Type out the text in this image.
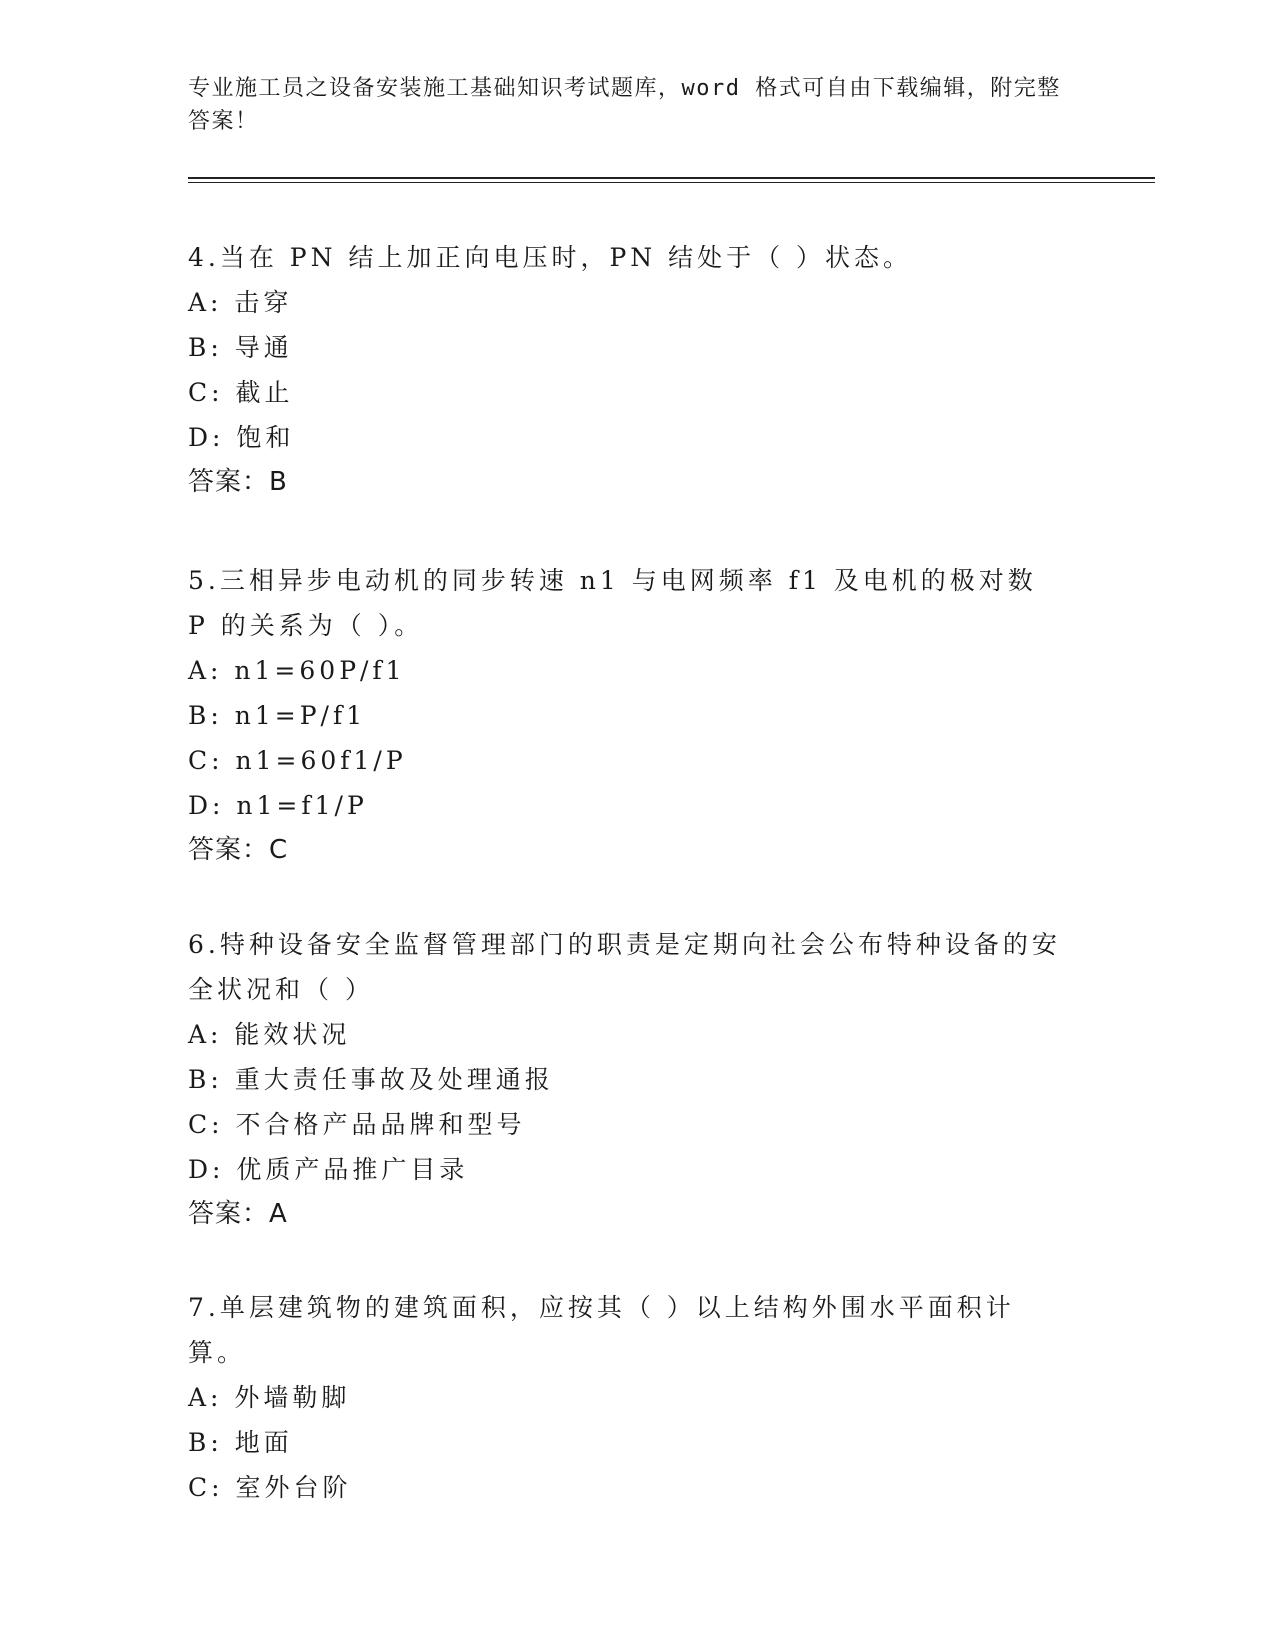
专业施工员之设备安装施工基础知识考试题库，word 格式可自由下载编辑，附完整答案！

4.当在 PN 结上加正向电压时，PN 结处于（ ）状态。

A: 击穿

B: 导通

C: 截止

D: 饱和

答案：B

5.三相异步电动机的同步转速 n1 与电网频率 f1 及电机的极对数 P 的关系为（ ）。

A: n1=60P/f1

B: n1=P/f1

C: n1=60f1/P

D: n1=f1/P

答案：C

6.特种设备安全监督管理部门的职责是定期向社会公布特种设备的安全状况和（ ）

A: 能效状况

B: 重大责任事故及处理通报

C: 不合格产品品牌和型号

D: 优质产品推广目录

答案：A

7.单层建筑物的建筑面积，应按其（ ）以上结构外围水平面积计算。

A: 外墙勒脚

B: 地面

C: 室外台阶
